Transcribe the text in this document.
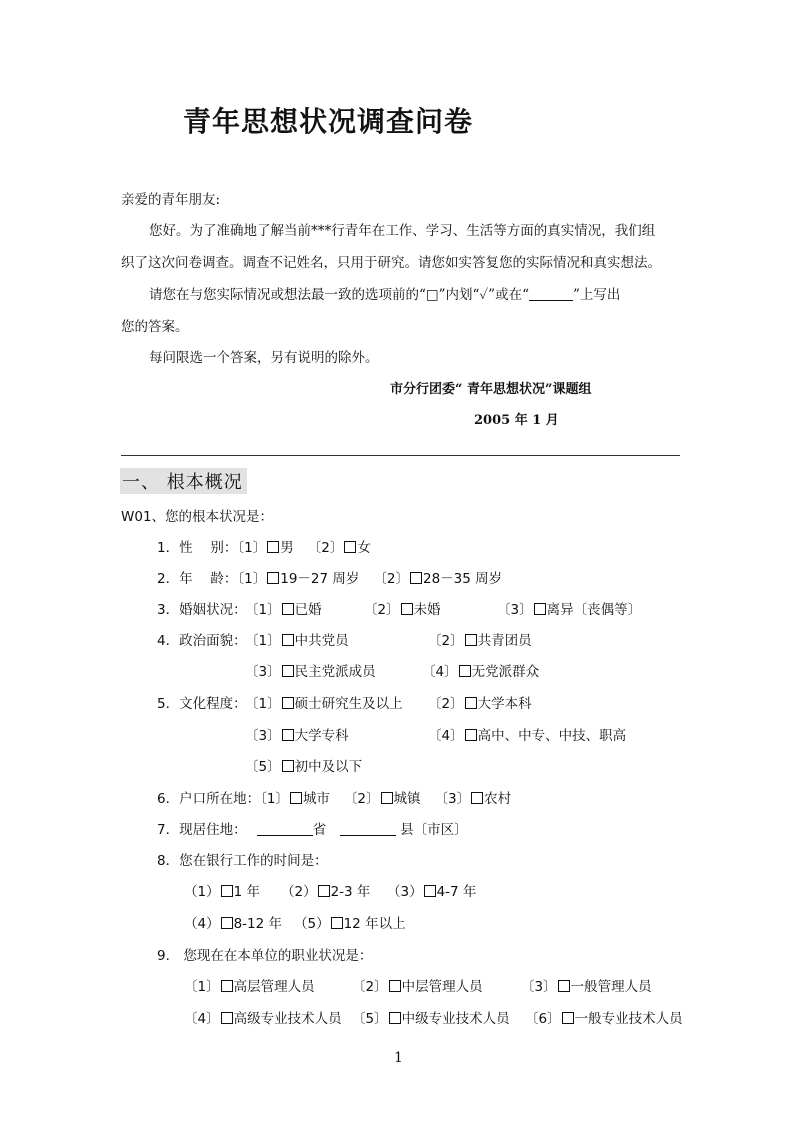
青年思想状况调查问卷
亲爱的青年朋友:
您好。为了准确地了解当前***行青年在工作、学习、生活等方面的真实情况，我们组
织了这次问卷调查。调查不记姓名，只用于研究。请您如实答复您的实际情况和真实想法。
请您在与您实际情况或想法最一致的选项前的“□”内划“✓”或在“	”上写出
您的答案。
每问限选一个答案，另有说明的除外。
市分行团委“ 青年思想状况”课题组
2005 年 1 月
一、 根本概况
W01、您的根本状况是：
1．性　 别：〔1〕 男 〔2〕 女
2．年　 龄：〔1〕 19－27 周岁 〔2〕 28－35 周岁
3．婚姻状况：
〔1〕 已婚	〔2〕 未婚	〔3〕 离异〔丧偶等〕
4．政治面貌：
〔1〕 中共党员	〔2〕 共青团员
〔3〕 民主党派成员	〔4〕 无党派群众
5．文化程度：
〔1〕 硕士研究生及以上 〔2〕 大学本科
〔3〕 大学专科	〔4〕 高中、中专、中技、职高
〔5〕 初中及以下
6．户口所在地：〔1〕 城市 〔2〕 城镇 〔3〕 农村
7．现居住地：	省	县〔市区〕
8．您在银行工作的时间是：
（1） 1 年 （2） 2-3 年 （3） 4-7 年
（4） 8-12 年 （5） 12 年以上
9． 您现在在本单位的职业状况是：
〔1〕 高层管理人员	〔2〕 中层管理人员	〔3〕 一般管理人员
〔4〕 高级专业技术人员 〔5〕 中级专业技术人员 〔6〕 一般专业技术人员
1
